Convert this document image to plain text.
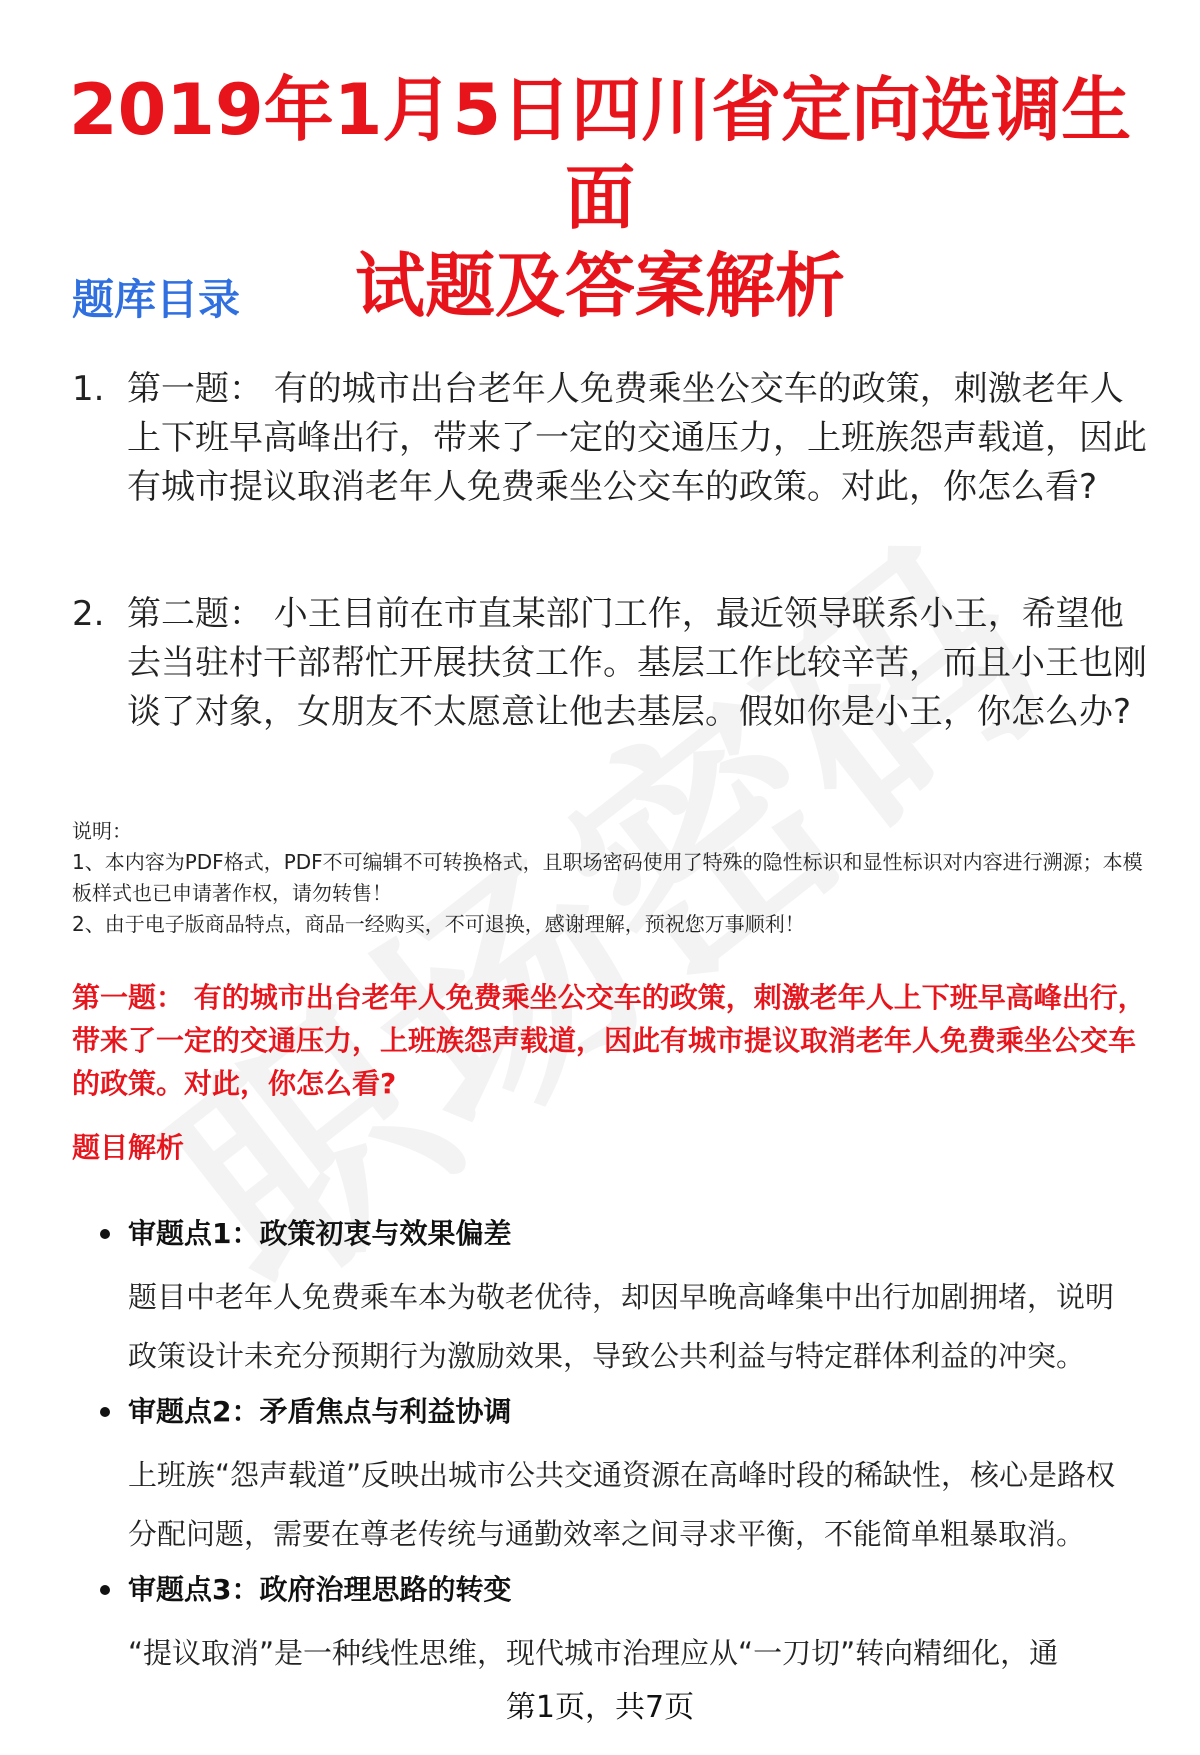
2019年1月5日四川省定向选调生面
试题及答案解析
题库目录
1. 第一题： 有的城市出台老年人免费乘坐公交车的政策，刺激老年人上下班早高峰出行，带来了一定的交通压力，上班族怨声载道，因此有城市提议取消老年人免费乘坐公交车的政策。对此，你怎么看?
2. 第二题： 小王目前在市直某部门工作，最近领导联系小王，希望他去当驻村干部帮忙开展扶贫工作。基层工作比较辛苦，而且小王也刚谈了对象，女朋友不太愿意让他去基层。假如你是小王，你怎么办?
说明：
1、本内容为PDF格式，PDF不可编辑不可转换格式，且职场密码使用了特殊的隐性标识和显性标识对内容进行溯源；本模板样式也已申请著作权，请勿转售！
2、由于电子版商品特点，商品一经购买，不可退换，感谢理解，预祝您万事顺利！
第一题： 有的城市出台老年人免费乘坐公交车的政策，刺激老年人上下班早高峰出行，带来了一定的交通压力，上班族怨声载道，因此有城市提议取消老年人免费乘坐公交车的政策。对此，你怎么看?
题目解析
审题点1：政策初衷与效果偏差
题目中老年人免费乘车本为敬老优待，却因早晚高峰集中出行加剧拥堵，说明政策设计未充分预期行为激励效果，导致公共利益与特定群体利益的冲突。
审题点2：矛盾焦点与利益协调
上班族“怨声载道”反映出城市公共交通资源在高峰时段的稀缺性，核心是路权分配问题，需要在尊老传统与通勤效率之间寻求平衡，不能简单粗暴取消。
审题点3：政府治理思路的转变
“提议取消”是一种线性思维，现代城市治理应从“一刀切”转向精细化，通
第1页，共7页
